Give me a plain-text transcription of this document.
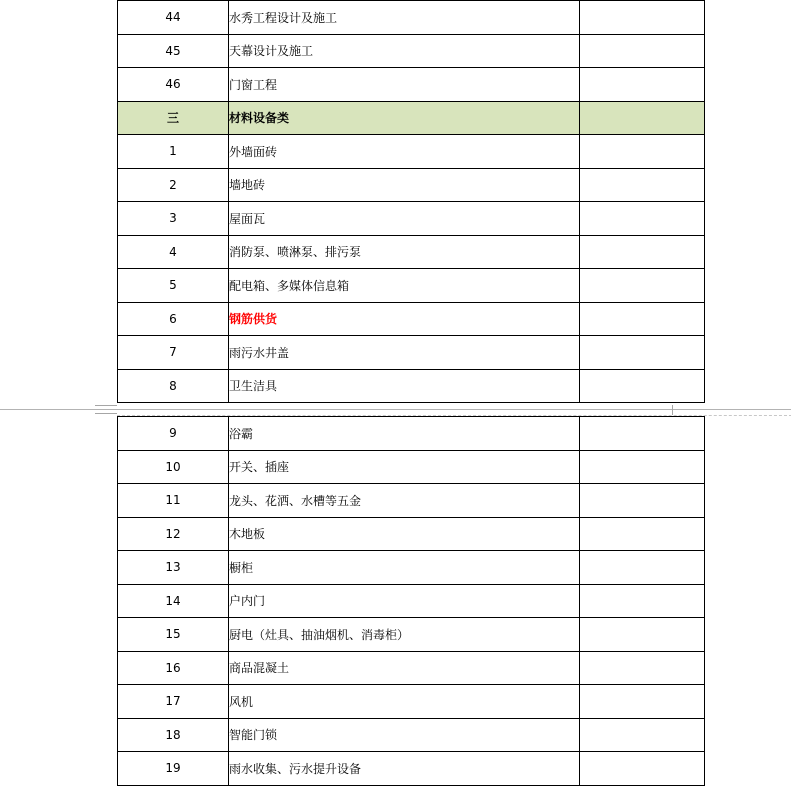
44	水秀工程设计及施工	
45	天幕设计及施工	
46	门窗工程	
三	材料设备类	
1	外墙面砖	
2	墙地砖	
3	屋面瓦	
4	消防泵、喷淋泵、排污泵	
5	配电箱、多媒体信息箱	
6	钢筋供货	
7	雨污水井盖	
8	卫生洁具	
9	浴霸	
10	开关、插座	
11	龙头、花洒、水槽等五金	
12	木地板	
13	橱柜	
14	户内门	
15	厨电（灶具、抽油烟机、消毒柜）	
16	商品混凝土	
17	风机	
18	智能门锁	
19	雨水收集、污水提升设备	
